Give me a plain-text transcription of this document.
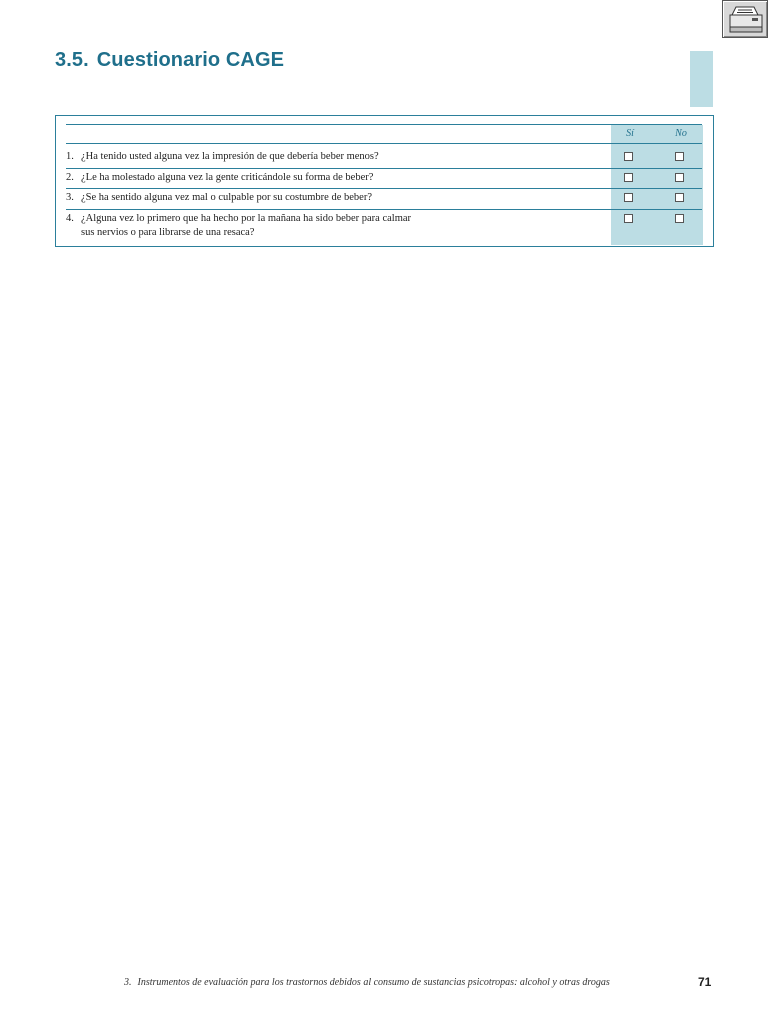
3.5. Cuestionario CAGE
Sí	No
1. ¿Ha tenido usted alguna vez la impresión de que debería beber menos?
2. ¿Le ha molestado alguna vez la gente criticándole su forma de beber?
3. ¿Se ha sentido alguna vez mal o culpable por su costumbre de beber?
4. ¿Alguna vez lo primero que ha hecho por la mañana ha sido beber para calmar
sus nervios o para librarse de una resaca?
3. Instrumentos de evaluación para los trastornos debidos al consumo de sustancias psicotropas: alcohol y otras drogas	71
